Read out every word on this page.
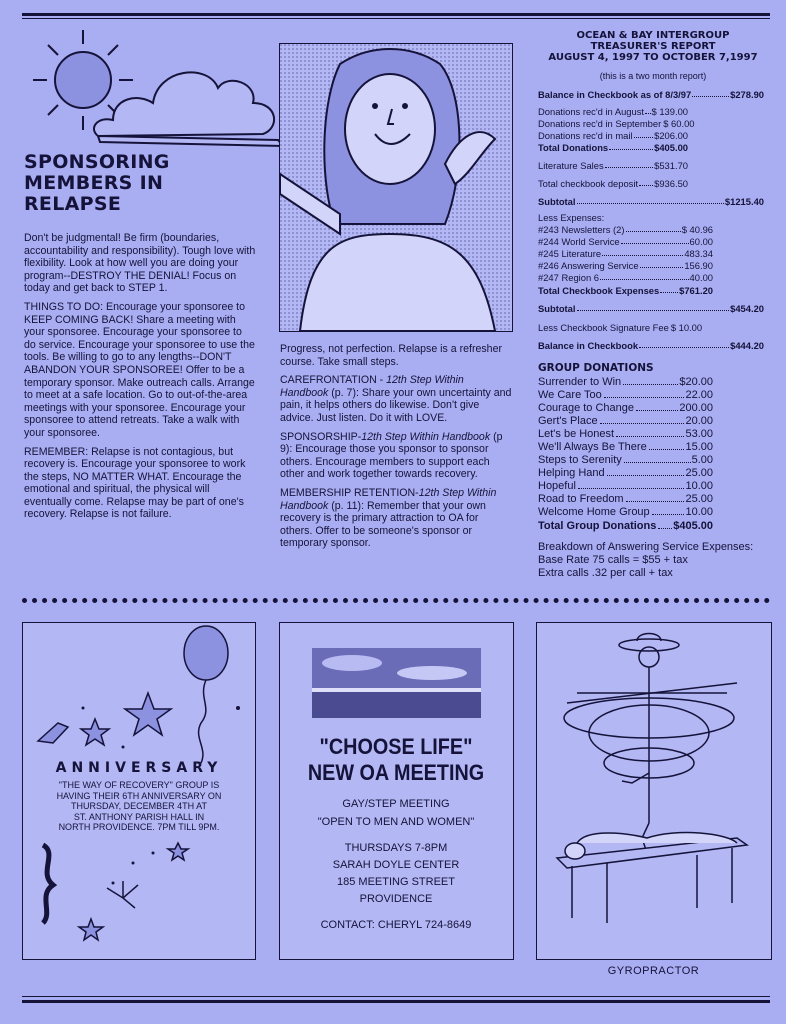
SPONSORING
MEMBERS IN
RELAPSE

Don't be judgmental! Be firm (boundaries, accountability and responsibility). Tough love with flexibility. Look at how well you are doing your program--DESTROY THE DENIAL! Focus on today and get back to STEP 1.

THINGS TO DO: Encourage your sponsoree to KEEP COMING BACK! Share a meeting with your sponsoree. Encourage your sponsoree to do service. Encourage your sponsoree to use the tools. Be willing to go to any lengths--DON'T ABANDON YOUR SPONSOREE! Offer to be a temporary sponsor. Make outreach calls. Arrange to meet at a safe location. Go to out-of-the-area meetings with your sponsoree. Encourage your sponsoree to attend retreats. Take a walk with your sponsoree.

REMEMBER: Relapse is not contagious, but recovery is. Encourage your sponsoree to work the steps, NO MATTER WHAT. Encourage the emotional and spiritual, the physical will eventually come. Relapse may be part of one's recovery. Relapse is not failure.

Progress, not perfection. Relapse is a refresher course. Take small steps.

CAREFRONTATION - 12th Step Within Handbook (p. 7): Share your own uncertainty and pain, it helps others do likewise. Don't give advice. Just listen. Do it with LOVE.

SPONSORSHIP-12th Step Within Handbook (p 9): Encourage those you sponsor to sponsor others. Encourage members to support each other and work together towards recovery.

MEMBERSHIP RETENTION-12th Step Within Handbook (p. 11): Remember that your own recovery is the primary attraction to OA for others. Offer to be someone's sponsor or temporary sponsor.

OCEAN & BAY INTERGROUP
TREASURER'S REPORT
AUGUST 4, 1997 TO OCTOBER 7,1997
(this is a two month report)
Balance in Checkbook as of 8/3/97	$278.90
Donations rec'd in August $ 139.00
Donations rec'd in September $ 60.00
Donations rec'd in mail $206.00
Total Donations	$405.00
Literature Sales	$531.70
Total checkbook deposit $936.50
Subtotal	$1215.40
Less Expenses:
#243 Newsletters (2)	$ 40.96
#244 World Service	60.00
#245 Literature	483.34
#246 Answering Service	156.90
#247 Region 6	40.00
Total Checkbook Expenses $761.20
Subtotal	$454.20
Less Checkbook Signature Fee $ 10.00
Balance in Checkbook	$444.20
GROUP DONATIONS
Surrender to Win	$20.00
We Care Too	22.00
Courage to Change	200.00
Gert's Place	20.00
Let's be Honest	53.00
We'll Always Be There	15.00
Steps to Serenity	5.00
Helping Hand	25.00
Hopeful	10.00
Road to Freedom	25.00
Welcome Home Group	10.00
Total Group Donations $405.00
Breakdown of Answering Service Expenses:
Base Rate 75 calls = $55 + tax
Extra calls .32 per call + tax
ANNIVERSARY
"THE WAY OF RECOVERY" GROUP IS
HAVING THEIR 6TH ANNIVERSARY ON
THURSDAY, DECEMBER 4TH AT
ST. ANTHONY PARISH HALL IN
NORTH PROVIDENCE. 7PM TILL 9PM.
"CHOOSE LIFE"
NEW OA MEETING
GAY/STEP MEETING
"OPEN TO MEN AND WOMEN"
THURSDAYS 7-8PM
SARAH DOYLE CENTER
185 MEETING STREET
PROVIDENCE
CONTACT: CHERYL 724-8649
GYROPRACTOR
